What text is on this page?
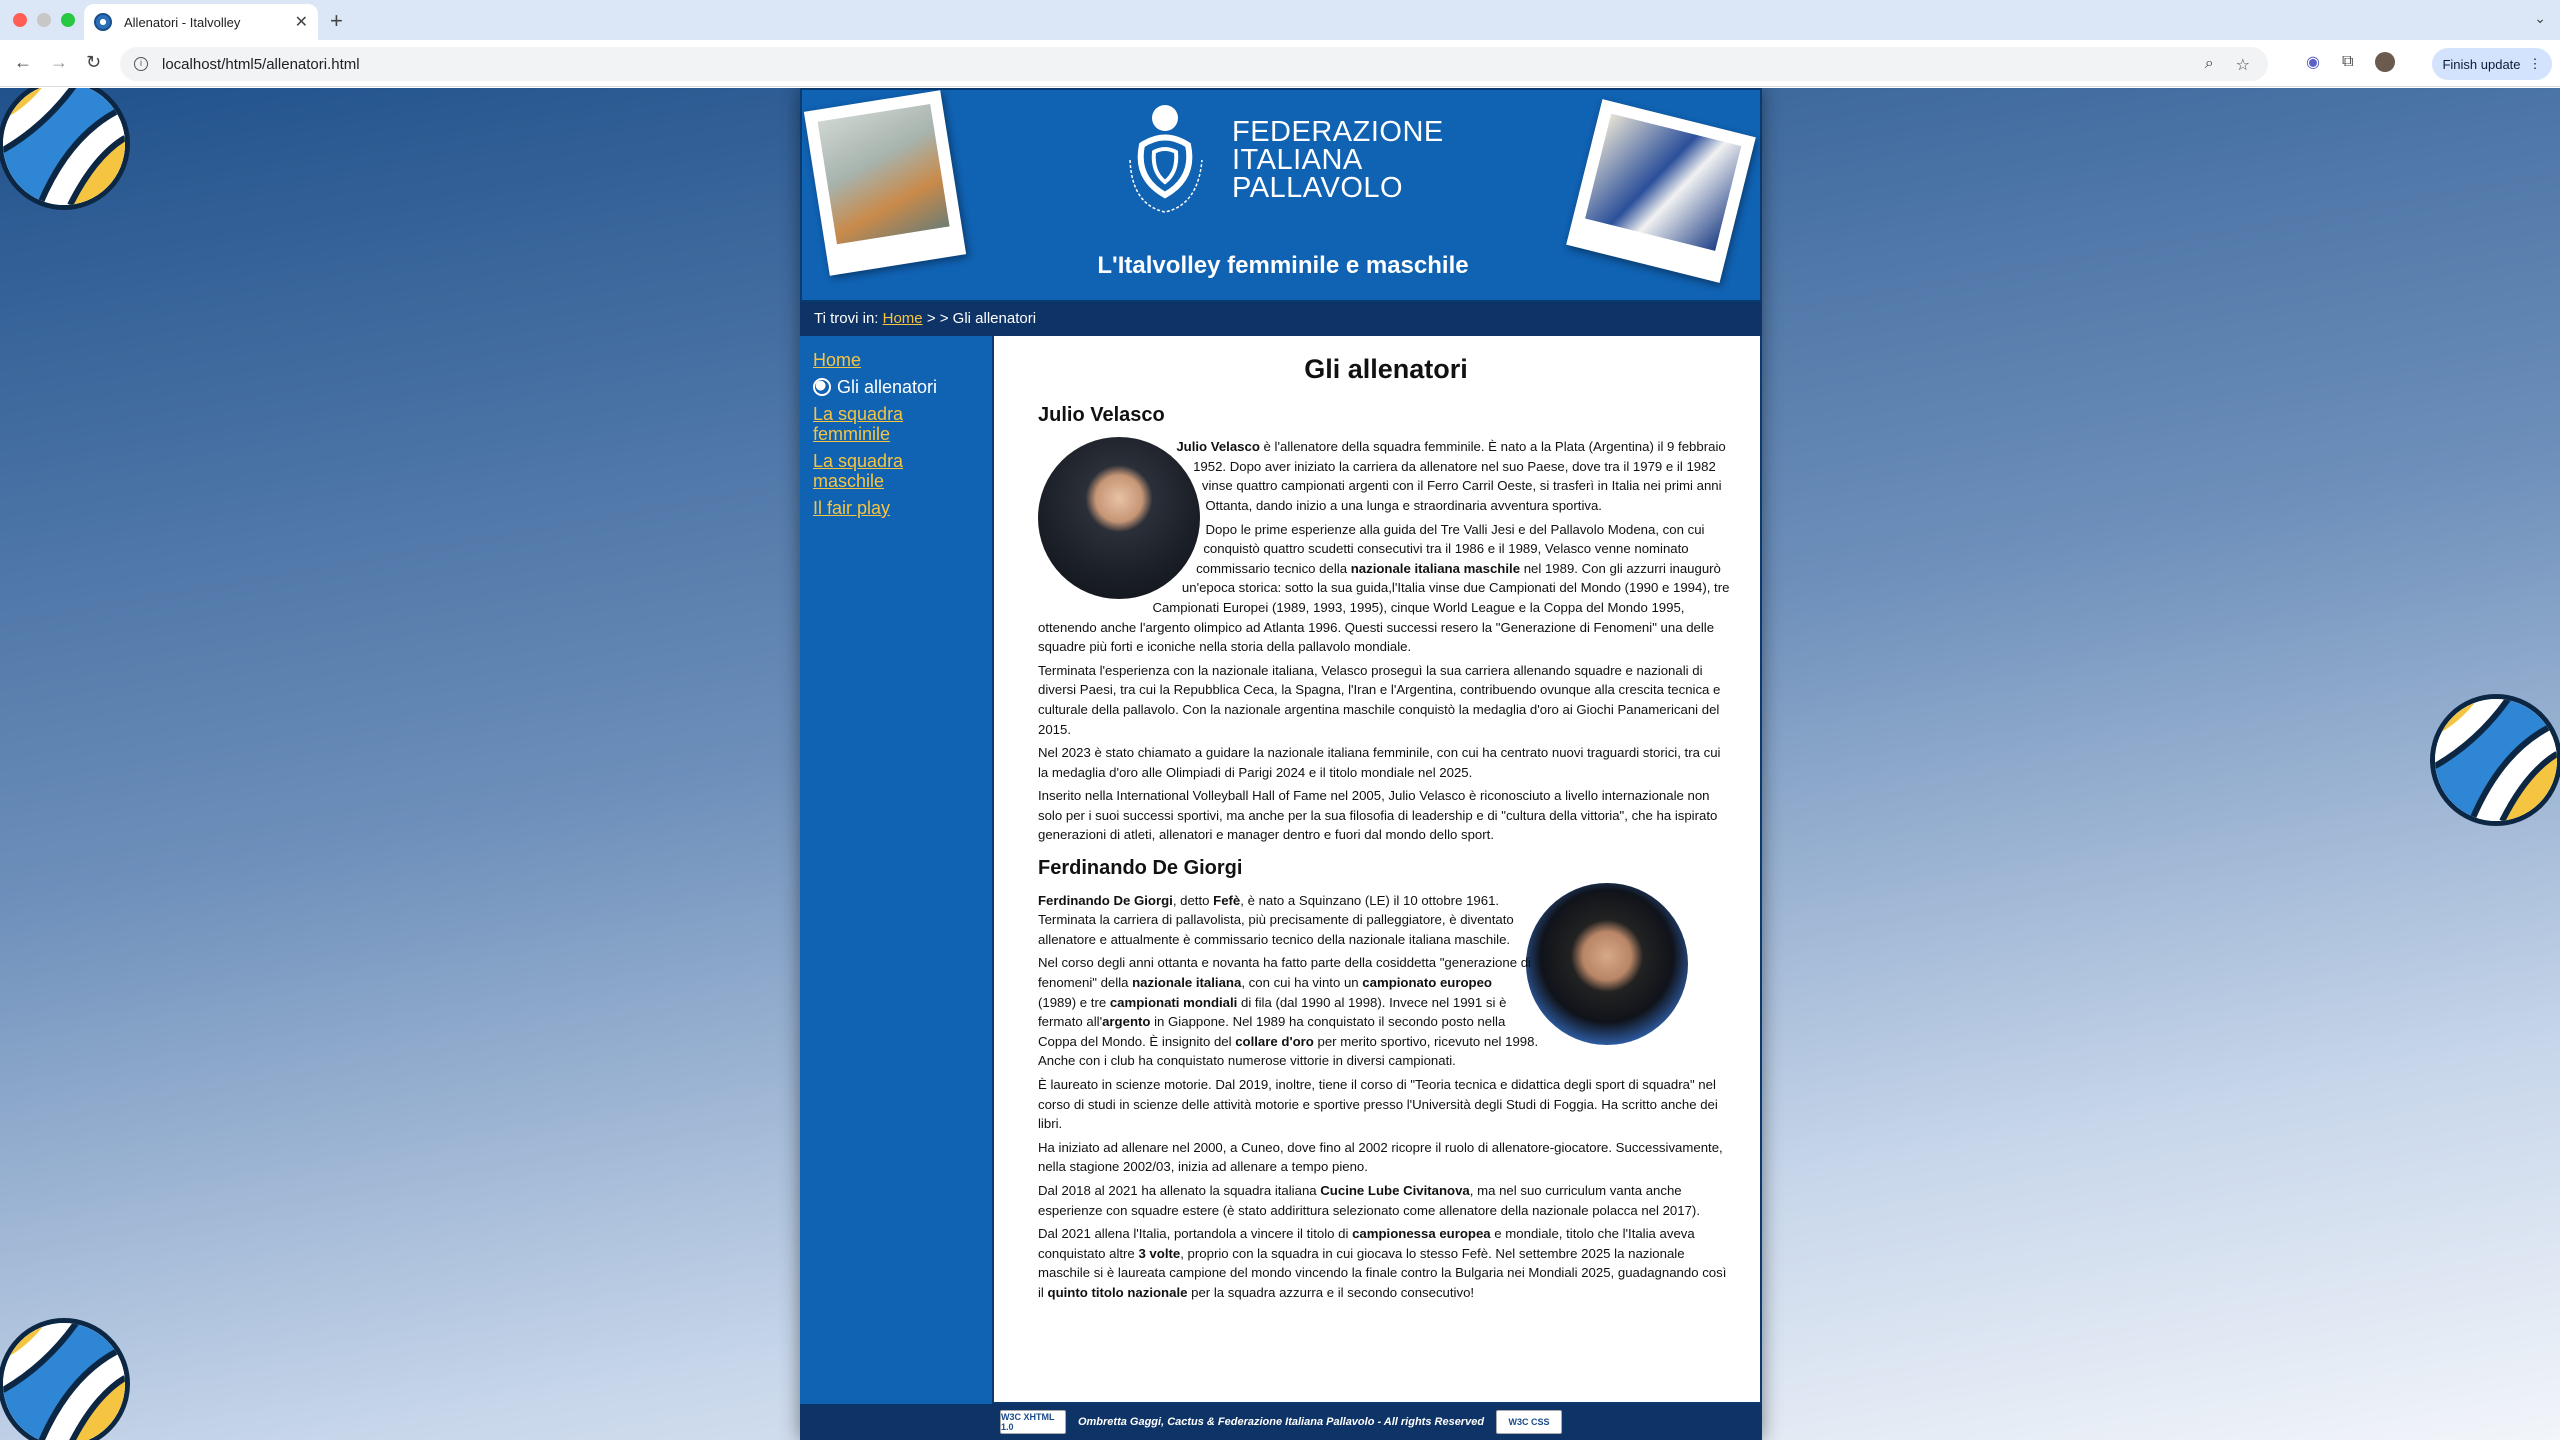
Allenatori - Italvolley	✕ +	⌄
← → ↻	i	localhost/html5/allenatori.html	⌕ ☆	◉ ⧉	Finish update ⋮
FEDERAZIONE
ITALIANA
PALLAVOLO
L'Italvolley femminile e maschile
Ti trovi in: Home > > Gli allenatori
Home
Gli allenatori
La squadra femminile
La squadra maschile
Il fair play
Gli allenatori
Julio Velasco

Julio Velasco è l'allenatore della squadra femminile. È nato a la Plata (Argentina) il 9 febbraio 1952. Dopo aver iniziato la carriera da allenatore nel suo Paese, dove tra il 1979 e il 1982 vinse quattro campionati argenti con il Ferro Carril Oeste, si trasferì in Italia nei primi anni Ottanta, dando inizio a una lunga e straordinaria avventura sportiva.

Dopo le prime esperienze alla guida del Tre Valli Jesi e del Pallavolo Modena, con cui conquistò quattro scudetti consecutivi tra il 1986 e il 1989, Velasco venne nominato commissario tecnico della nazionale italiana maschile nel 1989. Con gli azzurri inaugurò un'epoca storica: sotto la sua guida,l'Italia vinse due Campionati del Mondo (1990 e 1994), tre Campionati Europei (1989, 1993, 1995), cinque World League e la Coppa del Mondo 1995, ottenendo anche l'argento olimpico ad Atlanta 1996. Questi successi resero la "Generazione di Fenomeni" una delle squadre più forti e iconiche nella storia della pallavolo mondiale.

Terminata l'esperienza con la nazionale italiana, Velasco proseguì la sua carriera allenando squadre e nazionali di diversi Paesi, tra cui la Repubblica Ceca, la Spagna, l'Iran e l'Argentina, contribuendo ovunque alla crescita tecnica e culturale della pallavolo. Con la nazionale argentina maschile conquistò la medaglia d'oro ai Giochi Panamericani del 2015.

Nel 2023 è stato chiamato a guidare la nazionale italiana femminile, con cui ha centrato nuovi traguardi storici, tra cui la medaglia d'oro alle Olimpiadi di Parigi 2024 e il titolo mondiale nel 2025.

Inserito nella International Volleyball Hall of Fame nel 2005, Julio Velasco è riconosciuto a livello internazionale non solo per i suoi successi sportivi, ma anche per la sua filosofia di leadership e di "cultura della vittoria", che ha ispirato generazioni di atleti, allenatori e manager dentro e fuori dal mondo dello sport.

Ferdinando De Giorgi

Ferdinando De Giorgi, detto Fefè, è nato a Squinzano (LE) il 10 ottobre 1961. Terminata la carriera di pallavolista, più precisamente di palleggiatore, è diventato allenatore e attualmente è commissario tecnico della nazionale italiana maschile.

Nel corso degli anni ottanta e novanta ha fatto parte della cosiddetta "generazione di fenomeni" della nazionale italiana, con cui ha vinto un campionato europeo (1989) e tre campionati mondiali di fila (dal 1990 al 1998). Invece nel 1991 si è fermato all'argento in Giappone. Nel 1989 ha conquistato il secondo posto nella Coppa del Mondo. È insignito del collare d'oro per merito sportivo, ricevuto nel 1998. Anche con i club ha conquistato numerose vittorie in diversi campionati.

È laureato in scienze motorie. Dal 2019, inoltre, tiene il corso di "Teoria tecnica e didattica degli sport di squadra" nel corso di studi in scienze delle attività motorie e sportive presso l'Università degli Studi di Foggia. Ha scritto anche dei libri.

Ha iniziato ad allenare nel 2000, a Cuneo, dove fino al 2002 ricopre il ruolo di allenatore-giocatore. Successivamente, nella stagione 2002/03, inizia ad allenare a tempo pieno.

Dal 2018 al 2021 ha allenato la squadra italiana Cucine Lube Civitanova, ma nel suo curriculum vanta anche esperienze con squadre estere (è stato addirittura selezionato come allenatore della nazionale polacca nel 2017).

Dal 2021 allena l'Italia, portandola a vincere il titolo di campionessa europea e mondiale, titolo che l'Italia aveva conquistato altre 3 volte, proprio con la squadra in cui giocava lo stesso Fefè. Nel settembre 2025 la nazionale maschile si è laureata campione del mondo vincendo la finale contro la Bulgaria nei Mondiali 2025, guadagnando così il quinto titolo nazionale per la squadra azzurra e il secondo consecutivo!

W3C XHTML 1.0	Ombretta Gaggi, Cactus & Federazione Italiana Pallavolo - All rights Reserved	W3C CSS
